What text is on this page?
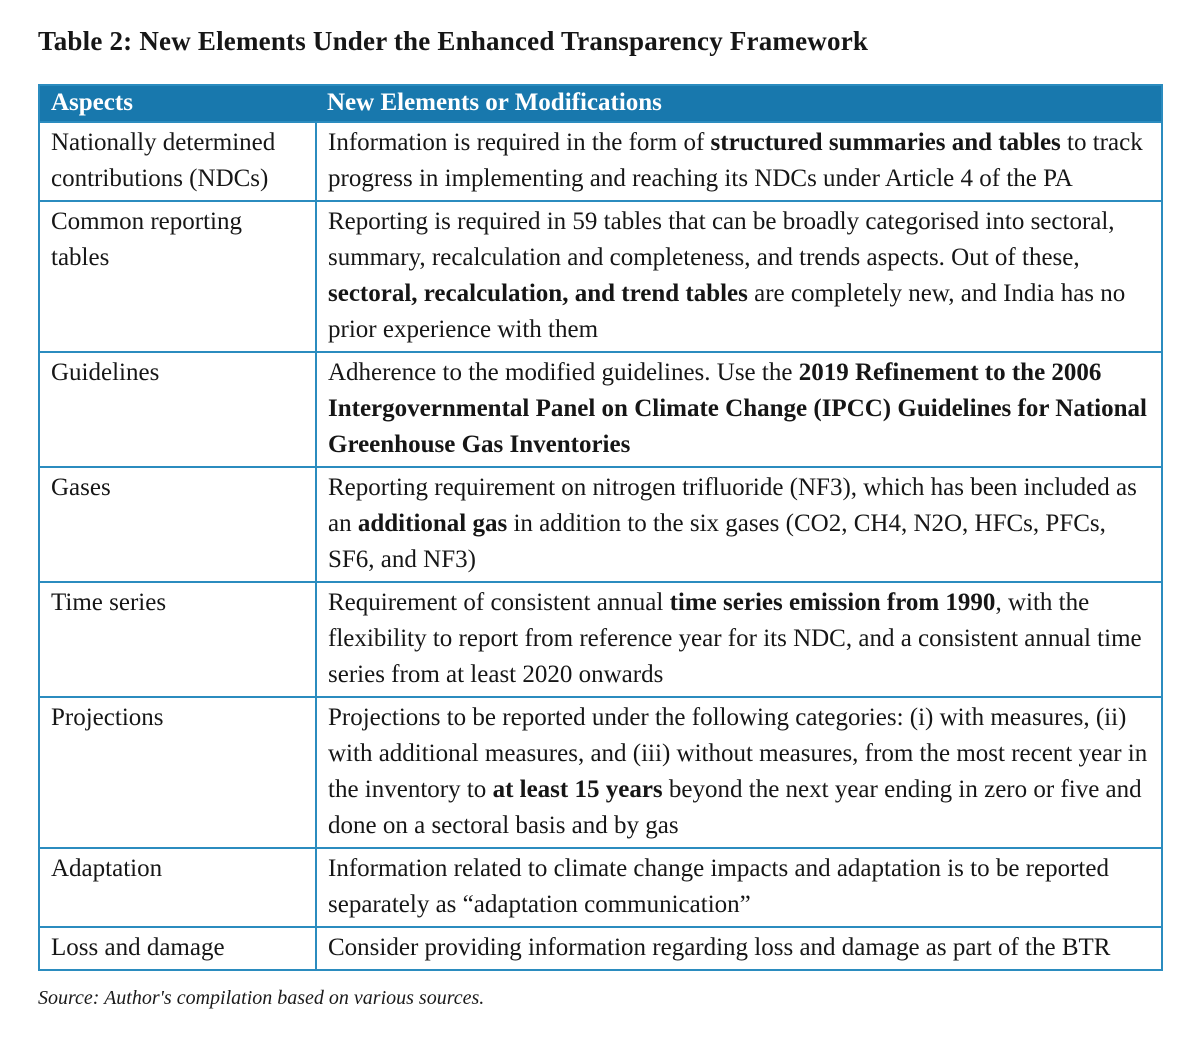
Table 2: New Elements Under the Enhanced Transparency Framework
Aspects	New Elements or Modifications
Nationally determined contributions (NDCs)	Information is required in the form of structured summaries and tables to track progress in implementing and reaching its NDCs under Article 4 of the PA
Common reporting tables	Reporting is required in 59 tables that can be broadly categorised into sectoral, summary, recalculation and completeness, and trends aspects. Out of these, sectoral, recalculation, and trend tables are completely new, and India has no prior experience with them
Guidelines	Adherence to the modified guidelines. Use the 2019 Refinement to the 2006 Intergovernmental Panel on Climate Change (IPCC) Guidelines for National Greenhouse Gas Inventories
Gases	Reporting requirement on nitrogen trifluoride (NF3), which has been included as an additional gas in addition to the six gases (CO2, CH4, N2O, HFCs, PFCs, SF6, and NF3)
Time series	Requirement of consistent annual time series emission from 1990, with the flexibility to report from reference year for its NDC, and a consistent annual time series from at least 2020 onwards
Projections	Projections to be reported under the following categories: (i) with measures, (ii) with additional measures, and (iii) without measures, from the most recent year in the inventory to at least 15 years beyond the next year ending in zero or five and done on a sectoral basis and by gas
Adaptation	Information related to climate change impacts and adaptation is to be reported separately as “adaptation communication”
Loss and damage	Consider providing information regarding loss and damage as part of the BTR

Source: Author's compilation based on various sources.
